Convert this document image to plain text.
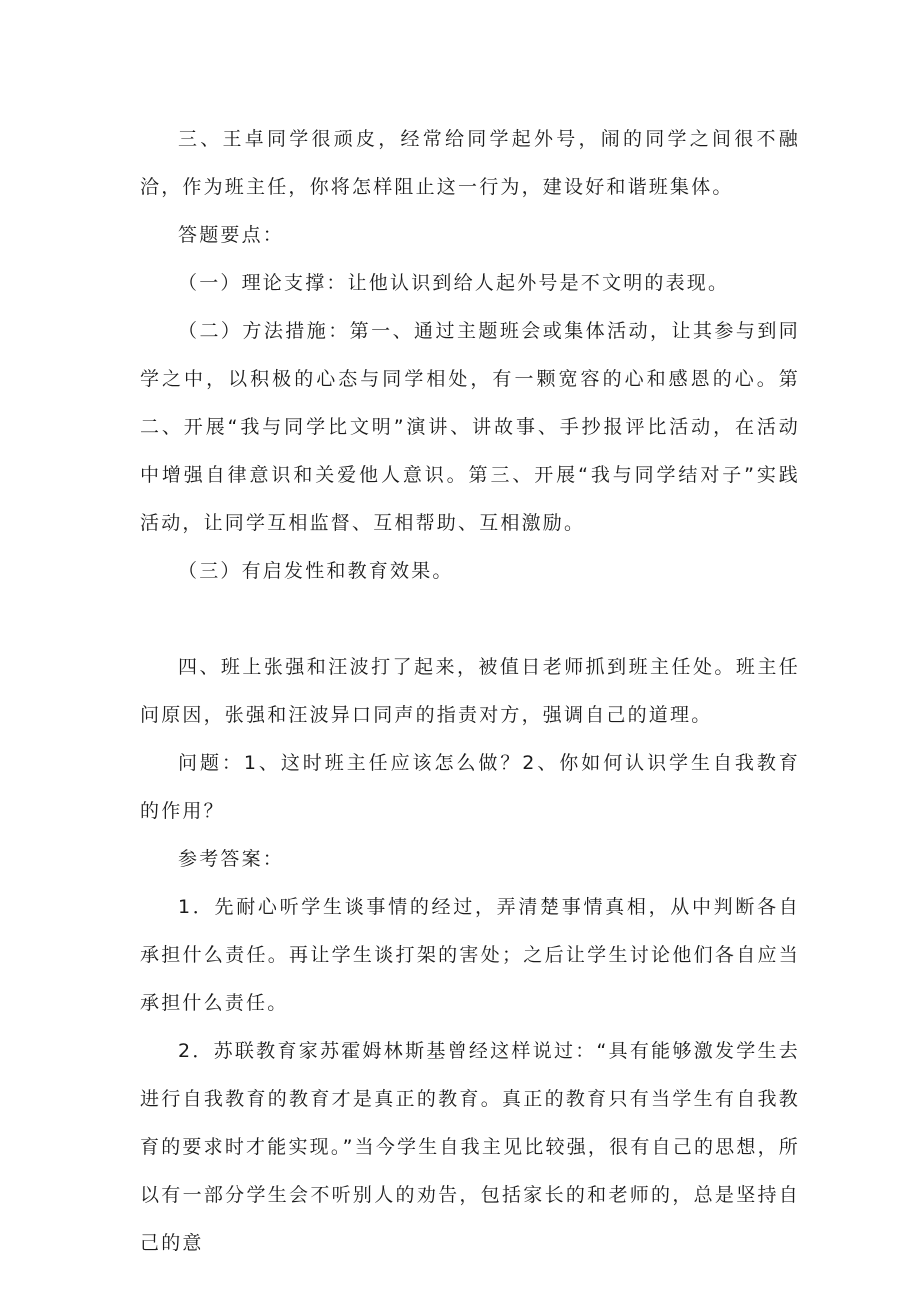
三、王卓同学很顽皮，经常给同学起外号，闹的同学之间很不融洽，作为班主任，你将怎样阻止这一行为，建设好和谐班集体。

答题要点：

（一）理论支撑：让他认识到给人起外号是不文明的表现。

（二）方法措施：第一、通过主题班会或集体活动，让其参与到同学之中，以积极的心态与同学相处，有一颗宽容的心和感恩的心。第二、开展“我与同学比文明”演讲、讲故事、手抄报评比活动，在活动中增强自律意识和关爱他人意识。第三、开展“我与同学结对子”实践活动，让同学互相监督、互相帮助、互相激励。

（三）有启发性和教育效果。

四、班上张强和汪波打了起来，被值日老师抓到班主任处。班主任问原因，张强和汪波异口同声的指责对方，强调自己的道理。

问题：1、这时班主任应该怎么做？2、你如何认识学生自我教育的作用？

参考答案：

1．先耐心听学生谈事情的经过，弄清楚事情真相，从中判断各自承担什么责任。再让学生谈打架的害处；之后让学生讨论他们各自应当承担什么责任。

2．苏联教育家苏霍姆林斯基曾经这样说过：“具有能够激发学生去进行自我教育的教育才是真正的教育。真正的教育只有当学生有自我教育的要求时才能实现。”当今学生自我主见比较强，很有自己的思想，所以有一部分学生会不听别人的劝告，包括家长的和老师的，总是坚持自己的意
